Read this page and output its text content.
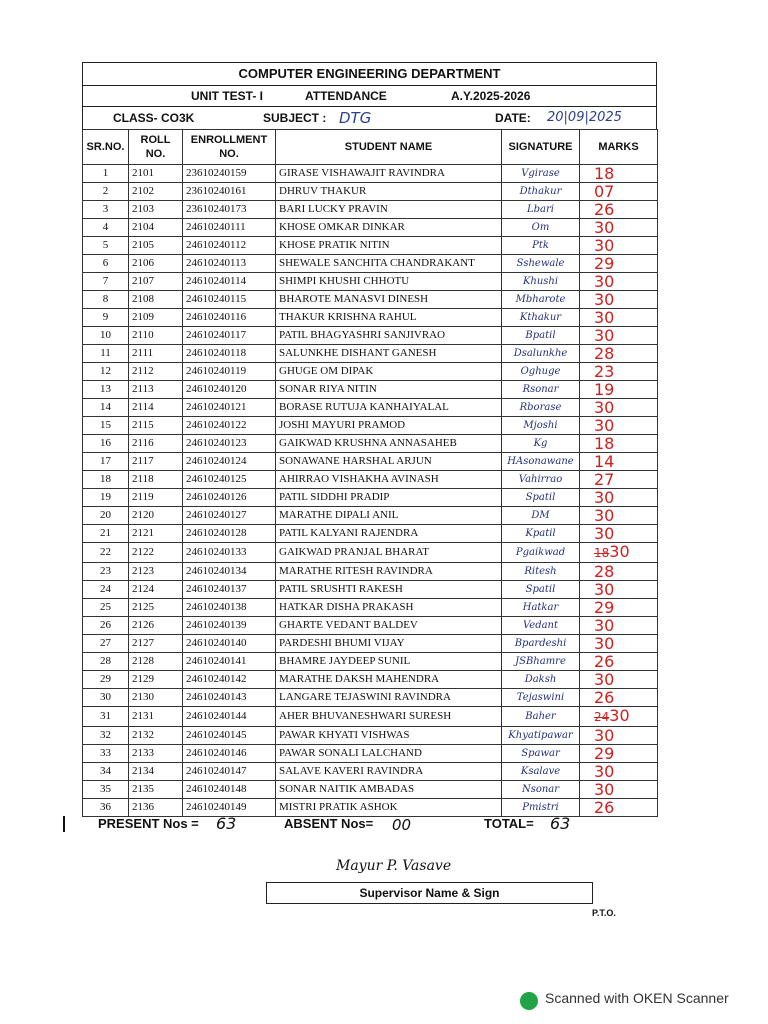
COMPUTER ENGINEERING DEPARTMENT
UNIT TEST- I	ATTENDANCE	A.Y.2025-2026
CLASS- CO3K	SUBJECT : DTG	DATE: 20|09|2025
SR.NO.	ROLL NO.	ENROLLMENT NO.	STUDENT NAME	SIGNATURE	MARKS
1	2101	23610240159	GIRASE VISHAWAJIT RAVINDRA	Vgirase	18
2	2102	23610240161	DHRUV THAKUR	Dthakur	07
3	2103	23610240173	BARI LUCKY PRAVIN	Lbari	26
4	2104	24610240111	KHOSE OMKAR DINKAR	Om	30
5	2105	24610240112	KHOSE PRATIK NITIN	Ptk	30
6	2106	24610240113	SHEWALE SANCHITA CHANDRAKANT	Sshewale	29
7	2107	24610240114	SHIMPI KHUSHI CHHOTU	Khushi	30
8	2108	24610240115	BHAROTE MANASVI DINESH	Mbharote	30
9	2109	24610240116	THAKUR KRISHNA RAHUL	Kthakur	30
10	2110	24610240117	PATIL BHAGYASHRI SANJIVRAO	Bpatil	30
11	2111	24610240118	SALUNKHE DISHANT GANESH	Dsalunkhe	28
12	2112	24610240119	GHUGE OM DIPAK	Oghuge	23
13	2113	24610240120	SONAR RIYA NITIN	Rsonar	19
14	2114	24610240121	BORASE RUTUJA KANHAIYALAL	Rborase	30
15	2115	24610240122	JOSHI MAYURI PRAMOD	Mjoshi	30
16	2116	24610240123	GAIKWAD KRUSHNA ANNASAHEB	Kg	18
17	2117	24610240124	SONAWANE HARSHAL ARJUN	HAsonawane	14
18	2118	24610240125	AHIRRAO VISHAKHA AVINASH	Vahirrao	27
19	2119	24610240126	PATIL SIDDHI PRADIP	Spatil	30
20	2120	24610240127	MARATHE DIPALI ANIL	DM	30
21	2121	24610240128	PATIL KALYANI RAJENDRA	Kpatil	30
22	2122	24610240133	GAIKWAD PRANJAL BHARAT	Pgaikwad	1830
23	2123	24610240134	MARATHE RITESH RAVINDRA	Ritesh	28
24	2124	24610240137	PATIL SRUSHTI RAKESH	Spatil	30
25	2125	24610240138	HATKAR DISHA PRAKASH	Hatkar	29
26	2126	24610240139	GHARTE VEDANT BALDEV	Vedant	30
27	2127	24610240140	PARDESHI BHUMI VIJAY	Bpardeshi	30
28	2128	24610240141	BHAMRE JAYDEEP SUNIL	JSBhamre	26
29	2129	24610240142	MARATHE DAKSH MAHENDRA	Daksh	30
30	2130	24610240143	LANGARE TEJASWINI RAVINDRA	Tejaswini	26
31	2131	24610240144	AHER BHUVANESHWARI SURESH	Baher	2430
32	2132	24610240145	PAWAR KHYATI VISHWAS	Khyatipawar	30
33	2133	24610240146	PAWAR SONALI LALCHAND	Spawar	29
34	2134	24610240147	SALAVE KAVERI RAVINDRA	Ksalave	30
35	2135	24610240148	SONAR NAITIK AMBADAS	Nsonar	30
36	2136	24610240149	MISTRI PRATIK ASHOK	Pmistri	26
PRESENT Nos = 63	ABSENT Nos= 00	TOTAL= 63
Mayur P. Vasave
Supervisor Name & Sign
P.T.O.
Scanned with OKEN Scanner
